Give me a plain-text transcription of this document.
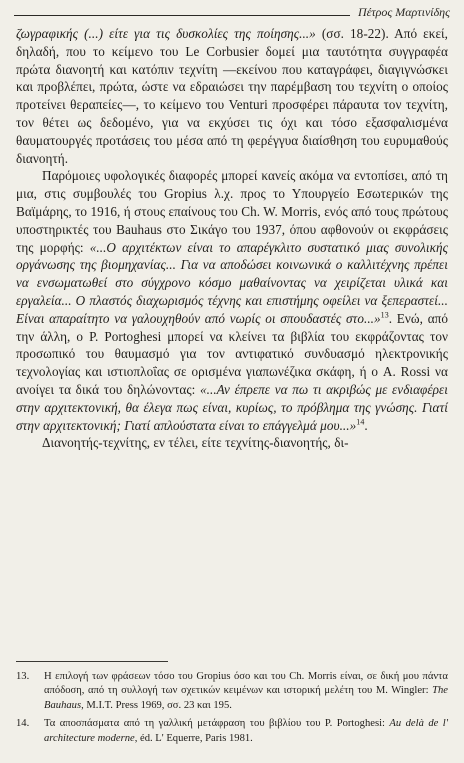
Πέτρος Μαρτινίδης

ζωγραφικής (...) είτε για τις δυσκολίες της ποίησης...» (σσ. 18-22). Από εκεί, δηλαδή, που το κείμενο του Le Corbusier δομεί μια ταυτότητα συγγραφέα πρώτα διανοητή και κατόπιν τεχνίτη —εκείνου που καταγράφει, διαγιγνώσκει και προβλέπει, πρώτα, ώστε να εδραιώσει την παρέμβαση του τεχνίτη ο οποίος προτείνει θεραπείες—, το κείμενο του Venturi προσφέρει πάραυτα τον τεχνίτη, τον θέτει ως δεδομένο, για να εκχύσει τις όχι και τόσο εξασφαλισμένα θαυματουργές προτάσεις του μέσα από τη φερέγγυα διαίσθηση του ευρυμαθούς διανοητή.

Παρόμοιες υφολογικές διαφορές μπορεί κανείς ακόμα να εντοπίσει, από τη μια, στις συμβουλές του Gropius λ.χ. προς το Υπουργείο Εσωτερικών της Βαϊμάρης, το 1916, ή στους επαίνους του Ch. W. Morris, ενός από τους πρώτους υποστηρικτές του Bauhaus στο Σικάγο του 1937, όπου αφθονούν οι εκφράσεις της μορφής: «...Ο αρχιτέκτων είναι το απαρέγκλιτο συστατικό μιας συνολικής οργάνωσης της βιομηχανίας... Για να αποδώσει κοινωνικά ο καλλιτέχνης πρέπει να ενσωματωθεί στο σύγχρονο κόσμο μαθαίνοντας να χειρίζεται υλικά και εργαλεία... Ο πλαστός διαχωρισμός τέχνης και επιστήμης οφείλει να ξεπεραστεί... Είναι απαραίτητο να γαλουχηθούν από νωρίς οι σπουδαστές στο...»$^{13}$. Ενώ, από την άλλη, ο P. Portoghesi μπορεί να κλείνει τα βιβλία του εκφράζοντας τον προσωπικό του θαυμασμό για τον αντιφατικό συνδυασμό ηλεκτρονικής τεχνολογίας και ιστιοπλοΐας σε ορισμένα γιαπωνέζικα σκάφη, ή ο A. Rossi να ανοίγει τα δικά του δηλώνοντας: «...Αν έπρεπε να πω τι ακριβώς με ενδιαφέρει στην αρχιτεκτονική, θα έλεγα πως είναι, κυρίως, το πρόβλημα της γνώσης. Γιατί στην αρχιτεκτονική; Γιατί απλούστατα είναι το επάγγελμά μου...»$^{14}$.

Διανοητής-τεχνίτης, εν τέλει, είτε τεχνίτης-διανοητής, δι-

13.	Η επιλογή των φράσεων τόσο του Gropius όσο και του Ch. Morris είναι, σε δική μου πάντα απόδοση, από τη συλλογή των σχετικών κειμένων και ιστορική μελέτη του M. Wingler: The Bauhaus, M.I.T. Press 1969, σσ. 23 και 195.
14.	Τα αποσπάσματα από τη γαλλική μετάφραση του βιβλίου του P. Portoghesi: Au delà de l' architecture moderne, éd. L' Equerre, Paris 1981.
